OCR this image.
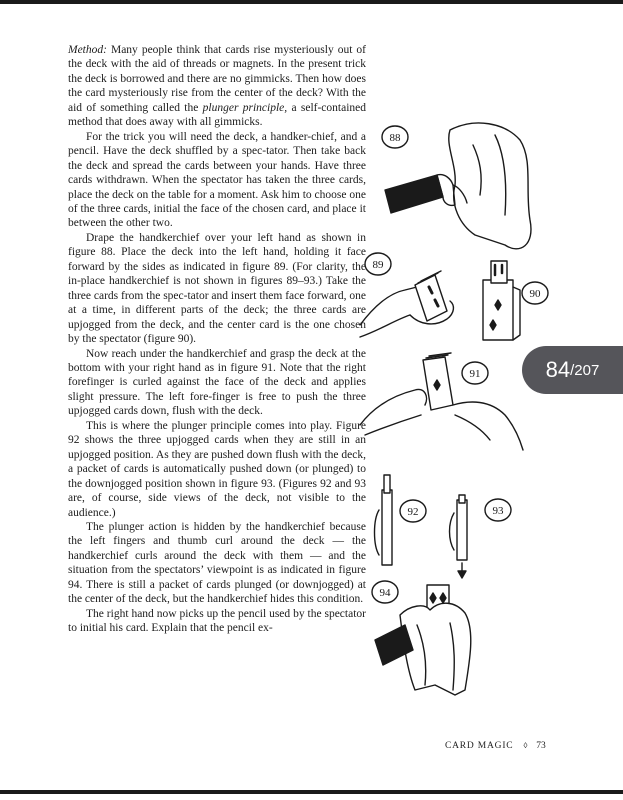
Method: Many people think that cards rise mysteriously out of the deck with the aid of threads or magnets. In the present trick the deck is borrowed and there are no gimmicks. Then how does the card mysteriously rise from the center of the deck? With the aid of something called the plunger principle, a self-contained method that does away with all gimmicks.

For the trick you will need the deck, a handker-chief, and a pencil. Have the deck shuffled by a spec-tator. Then take back the deck and spread the cards between your hands. Have three cards withdrawn. When the spectator has taken the three cards, place the deck on the table for a moment. Ask him to choose one of the three cards, initial the face of the chosen card, and place it between the other two.

Drape the handkerchief over your left hand as shown in figure 88. Place the deck into the left hand, holding it face forward by the sides as indicated in figure 89. (For clarity, the in-place handkerchief is not shown in figures 89–93.) Take the three cards from the spec-tator and insert them face forward, one at a time, in different parts of the deck; the three cards are upjogged from the deck, and the center card is the one chosen by the spectator (figure 90).

Now reach under the handkerchief and grasp the deck at the bottom with your right hand as in figure 91. Note that the right forefinger is curled against the face of the deck and applies slight pressure. The left fore-finger is free to push the three upjogged cards down, flush with the deck.

This is where the plunger principle comes into play. Figure 92 shows the three upjogged cards when they are still in an upjogged position. As they are pushed down flush with the deck, a packet of cards is automatically pushed down (or plunged) to the downjogged position shown in figure 93. (Figures 92 and 93 are, of course, side views of the deck, not visible to the audience.)

The plunger action is hidden by the handkerchief because the left fingers and thumb curl around the deck — the handkerchief curls around the deck with them — and the situation from the spectators’ viewpoint is as indicated in figure 94. There is still a packet of cards plunged (or downjogged) at the center of the deck, but the handkerchief hides this condition.

The right hand now picks up the pencil used by the spectator to initial his card. Explain that the pencil ex-

88
89
90
91
92	93
94
84 /207
CARD MAGIC ◊ 73
